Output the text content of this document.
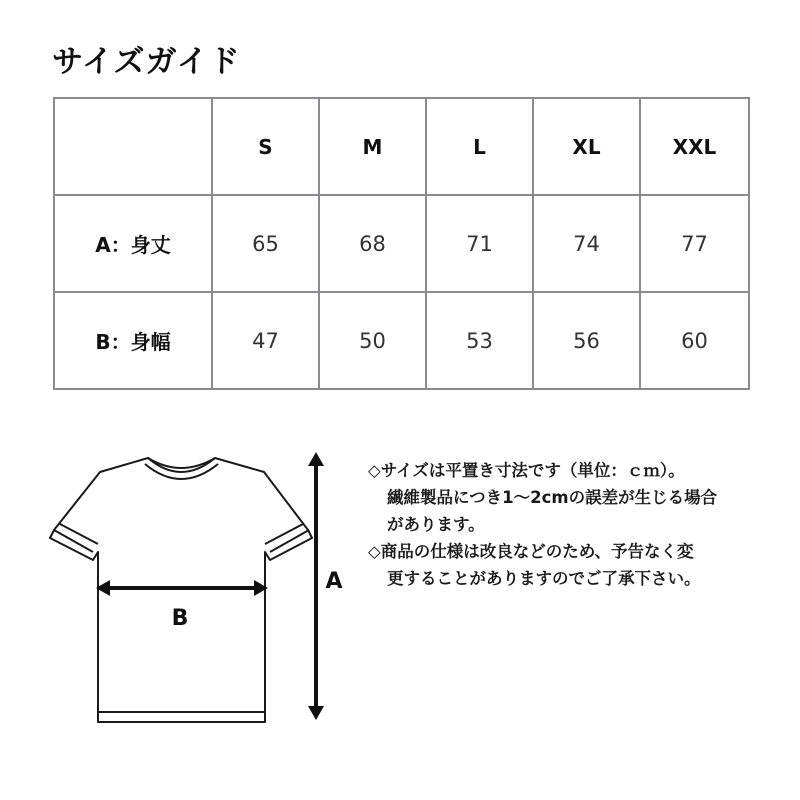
サイズガイド
	S	M	L	XL	XXL
A：身丈	65	68	71	74	77
B：身幅	47	50	53	56	60
B
A
◇サイズは平置き寸法です（単位：ｃｍ）。
繊維製品につき1～2cmの誤差が生じる場合
があります。
◇商品の仕様は改良などのため、予告なく変
更することがありますのでご了承下さい。
